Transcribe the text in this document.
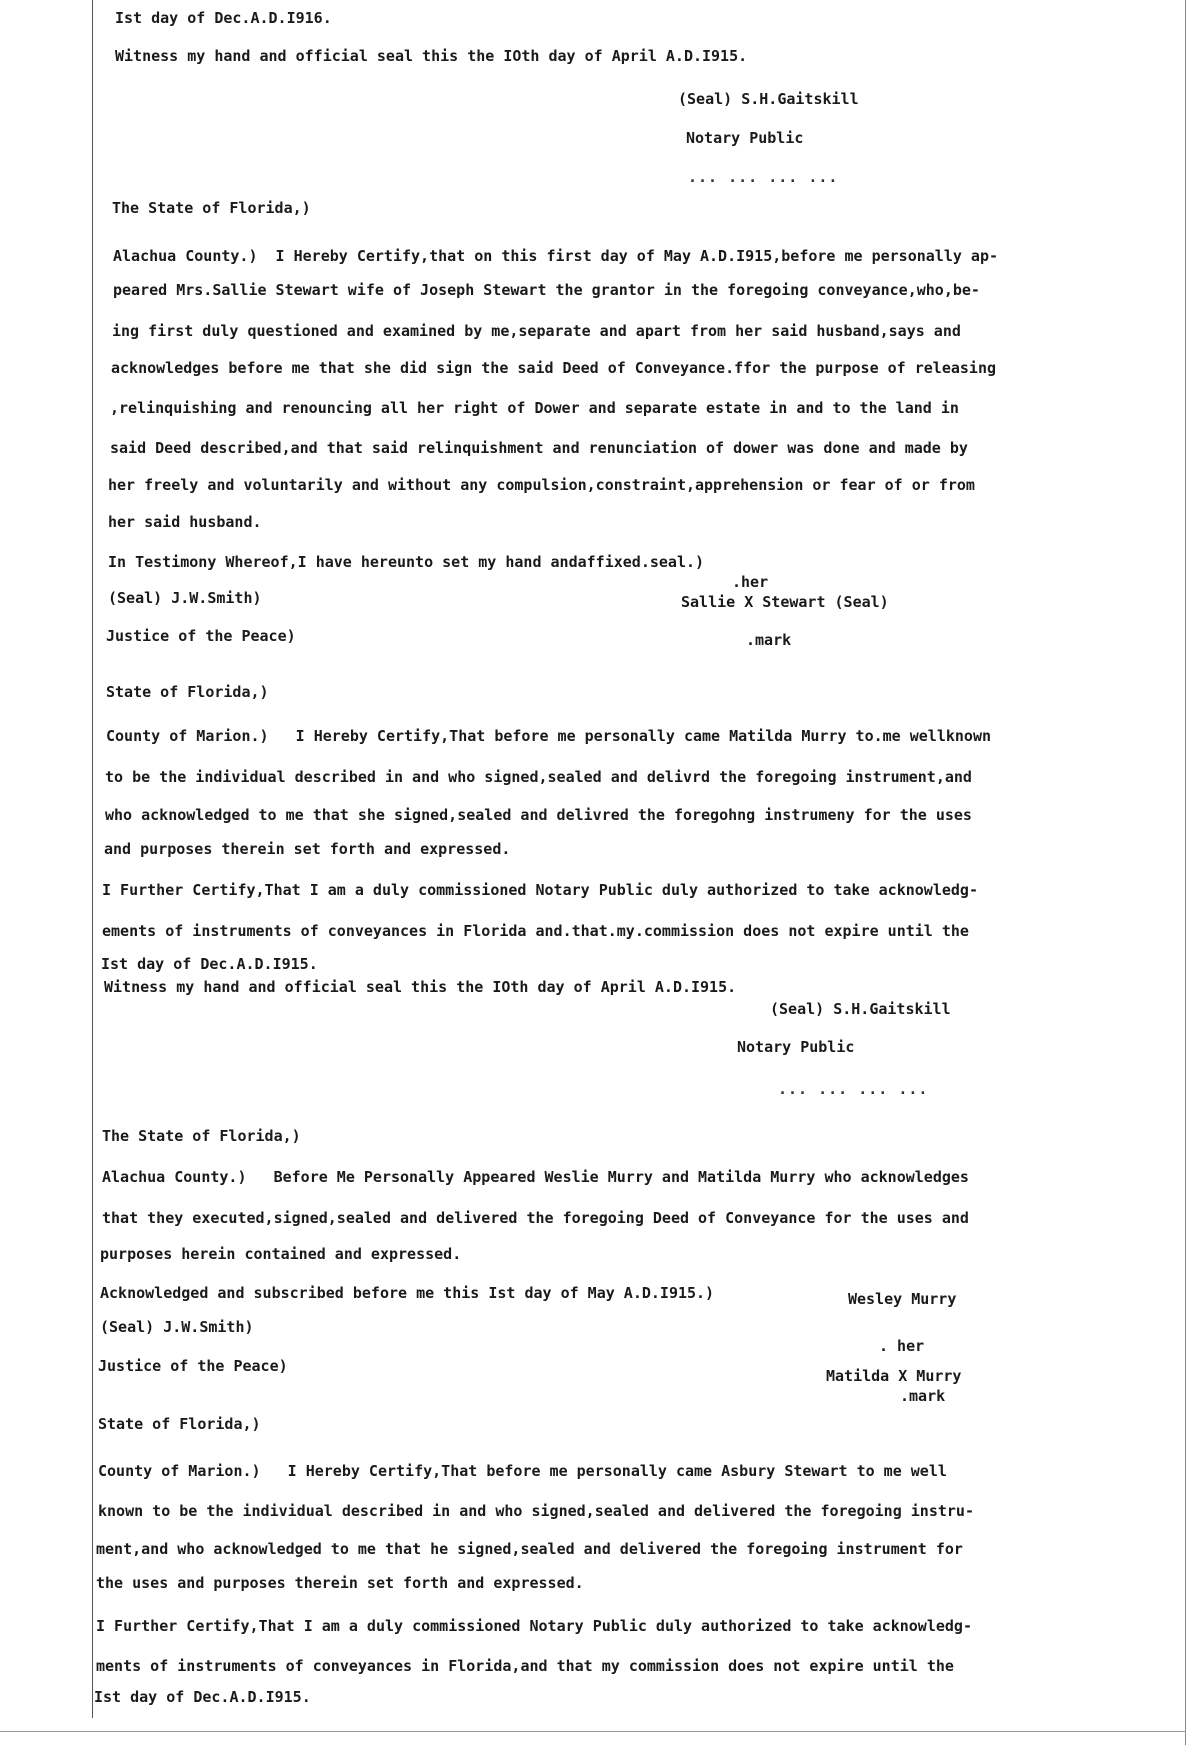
Ist day of Dec.A.D.I916.
Witness my hand and official seal this the IOth day of April A.D.I915.
(Seal) S.H.Gaitskill
Notary Public
... ... ... ...
The State of Florida,)
Alachua County.)  I Hereby Certify,that on this first day of May A.D.I915,before me personally ap-
peared Mrs.Sallie Stewart wife of Joseph Stewart the grantor in the foregoing conveyance,who,be-
ing first duly questioned and examined by me,separate and apart from her said husband,says and
acknowledges before me that she did sign the said Deed of Conveyance.ffor the purpose of releasing
,relinquishing and renouncing all her right of Dower and separate estate in and to the land in
said Deed described,and that said relinquishment and renunciation of dower was done and made by
her freely and voluntarily and without any compulsion,constraint,apprehension or fear of or from
her said husband.
In Testimony Whereof,I have hereunto set my hand andaffixed.seal.)
.her
(Seal) J.W.Smith)	Sallie X Stewart (Seal)
Justice of the Peace)	.mark
State of Florida,)
County of Marion.)   I Hereby Certify,That before me personally came Matilda Murry to.me wellknown
to be the individual described in and who signed,sealed and delivrd the foregoing instrument,and
who acknowledged to me that she signed,sealed and delivred the foregohng instrumeny for the uses
and purposes therein set forth and expressed.
I Further Certify,That I am a duly commissioned Notary Public duly authorized to take acknowledg-
ements of instruments of conveyances in Florida and.that.my.commission does not expire until the
Ist day of Dec.A.D.I915.
Witness my hand and official seal this the IOth day of April A.D.I915.
(Seal) S.H.Gaitskill
Notary Public
... ... ... ...
The State of Florida,)
Alachua County.)   Before Me Personally Appeared Weslie Murry and Matilda Murry who acknowledges
that they executed,signed,sealed and delivered the foregoing Deed of Conveyance for the uses and
purposes herein contained and expressed.
Acknowledged and subscribed before me this Ist day of May A.D.I915.)	Wesley Murry
(Seal) J.W.Smith)
. her
Justice of the Peace)
Matilda X Murry
.mark
State of Florida,)
County of Marion.)   I Hereby Certify,That before me personally came Asbury Stewart to me well
known to be the individual described in and who signed,sealed and delivered the foregoing instru-
ment,and who acknowledged to me that he signed,sealed and delivered the foregoing instrument for
the uses and purposes therein set forth and expressed.
I Further Certify,That I am a duly commissioned Notary Public duly authorized to take acknowledg-
ments of instruments of conveyances in Florida,and that my commission does not expire until the
Ist day of Dec.A.D.I915.
